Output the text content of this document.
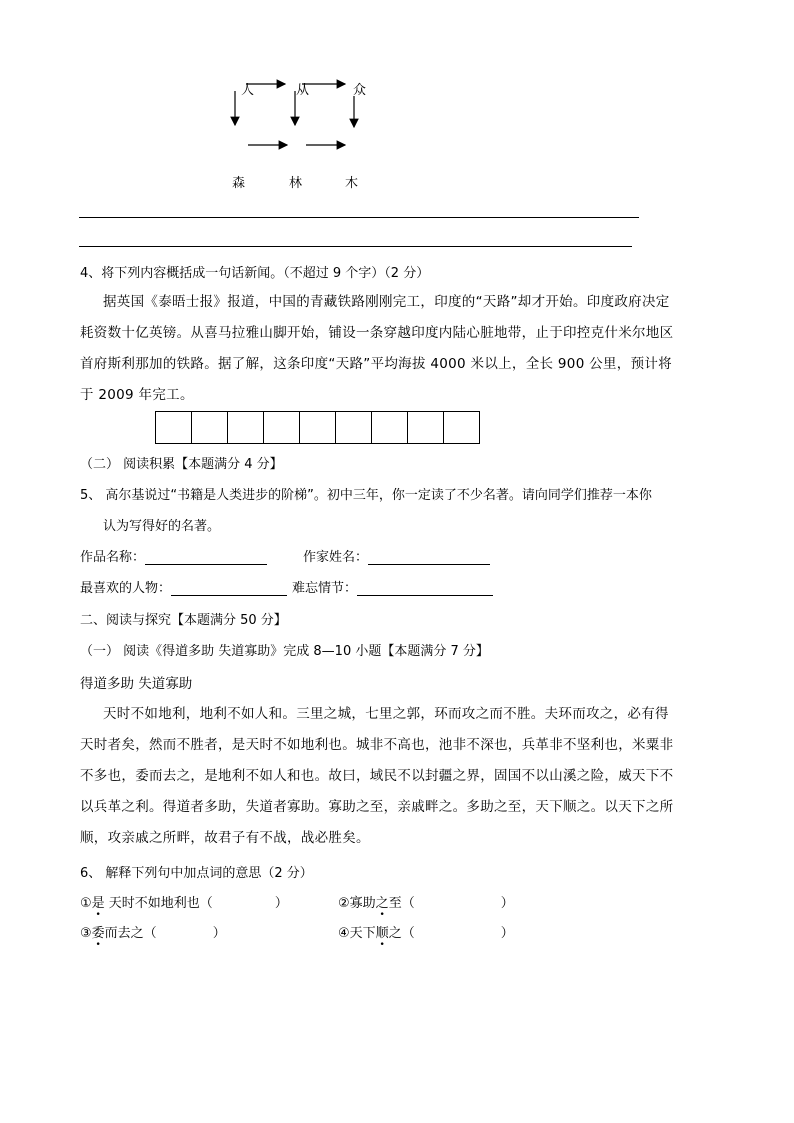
人	从	众
森	林	木
4、将下列内容概括成一句话新闻。（不超过 9 个字）（2 分）
据英国《泰晤士报》报道，中国的青藏铁路刚刚完工，印度的“天路”却才开始。印度政府决定耗资数十亿英镑。从喜马拉雅山脚开始，铺设一条穿越印度内陆心脏地带，止于印控克什米尔地区首府斯利那加的铁路。据了解，这条印度“天路”平均海拔 4000 米以上，全长 900 公里，预计将于 2009 年完工。
（二） 阅读积累【本题满分 4 分】
5、 高尔基说过“书籍是人类进步的阶梯”。初中三年，你一定读了不少名著。请向同学们推荐一本你
认为写得好的名著。
作品名称：	作家姓名：
最喜欢的人物：	难忘情节：
二、阅读与探究【本题满分 50 分】
（一） 阅读《得道多助 失道寡助》完成 8—10 小题【本题满分 7 分】
得道多助 失道寡助
天时不如地利，地利不如人和。三里之城，七里之郭，环而攻之而不胜。夫环而攻之，必有得天时者矣，然而不胜者，是天时不如地利也。城非不高也，池非不深也，兵革非不坚利也，米粟非不多也，委而去之，是地利不如人和也。故曰，域民不以封疆之界，固国不以山溪之险，威天下不以兵革之利。得道者多助，失道者寡助。寡助之至，亲戚畔之。多助之至，天下顺之。以天下之所顺，攻亲戚之所畔，故君子有不战，战必胜矣。
6、 解释下列句中加点词的意思（2 分）
①是 天时不如地利也（	）	②寡助之至（	）
③委而去之（	）	④天下顺之（	）
